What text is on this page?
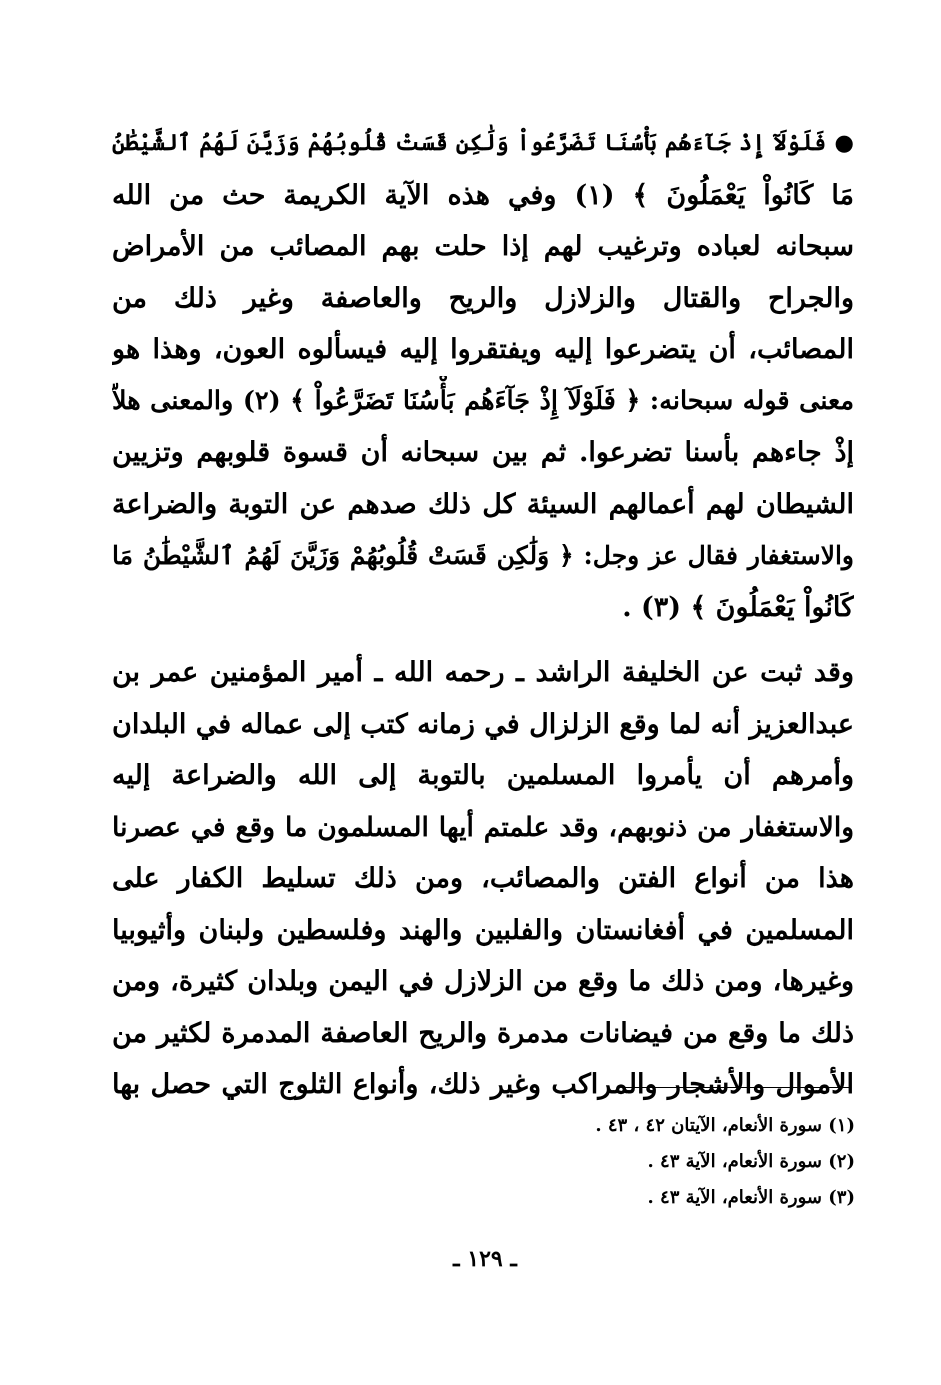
● فَلَوْلَآ إِذْ جَآءَهُم بَأْسُنَا تَضَرَّعُواْ وَلَٰكِن قَسَتْ قُلُوبُهُمْ وَزَيَّنَ لَهُمُ ٱلشَّيْطَٰنُ
مَا كَانُواْ يَعْمَلُونَ ﴾ (١) وفي هذه الآية الكريمة حث من الله
سبحانه لعباده وترغيب لهم إذا حلت بهم المصائب من الأمراض
والجراح والقتال والزلازل والريح والعاصفة وغير ذلك من
المصائب، أن يتضرعوا إليه ويفتقروا إليه فيسألوه العون، وهذا هو
معنى قوله سبحانه: ﴿ فَلَوْلَآ إِذْ جَآءَهُم بَأْسُنَا تَضَرَّعُواْ ﴾ (٢) والمعنى هلاّ
إذْ جاءهم بأسنا تضرعوا. ثم بين سبحانه أن قسوة قلوبهم وتزيين
الشيطان لهم أعمالهم السيئة كل ذلك صدهم عن التوبة والضراعة
والاستغفار فقال عز وجل: ﴿ وَلَٰكِن قَسَتْ قُلُوبُهُمْ وَزَيَّنَ لَهُمُ ٱلشَّيْطَٰنُ مَا
كَانُواْ يَعْمَلُونَ ﴾ (٣) .
وقد ثبت عن الخليفة الراشد ـ رحمه الله ـ أمير المؤمنين عمر بن
عبدالعزيز أنه لما وقع الزلزال في زمانه كتب إلى عماله في البلدان
وأمرهم أن يأمروا المسلمين بالتوبة إلى الله والضراعة إليه
والاستغفار من ذنوبهم، وقد علمتم أيها المسلمون ما وقع في عصرنا
هذا من أنواع الفتن والمصائب، ومن ذلك تسليط الكفار على
المسلمين في أفغانستان والفلبين والهند وفلسطين ولبنان وأثيوبيا
وغيرها، ومن ذلك ما وقع من الزلازل في اليمن وبلدان كثيرة، ومن
ذلك ما وقع من فيضانات مدمرة والريح العاصفة المدمرة لكثير من
الأموال والأشجار والمراكب وغير ذلك، وأنواع الثلوج التي حصل بها
(١) سورة الأنعام، الآيتان ٤٢ ، ٤٣ .
(٢) سورة الأنعام، الآية ٤٣ .
(٣) سورة الأنعام، الآية ٤٣ .
ـ ١٢٩ ـ
